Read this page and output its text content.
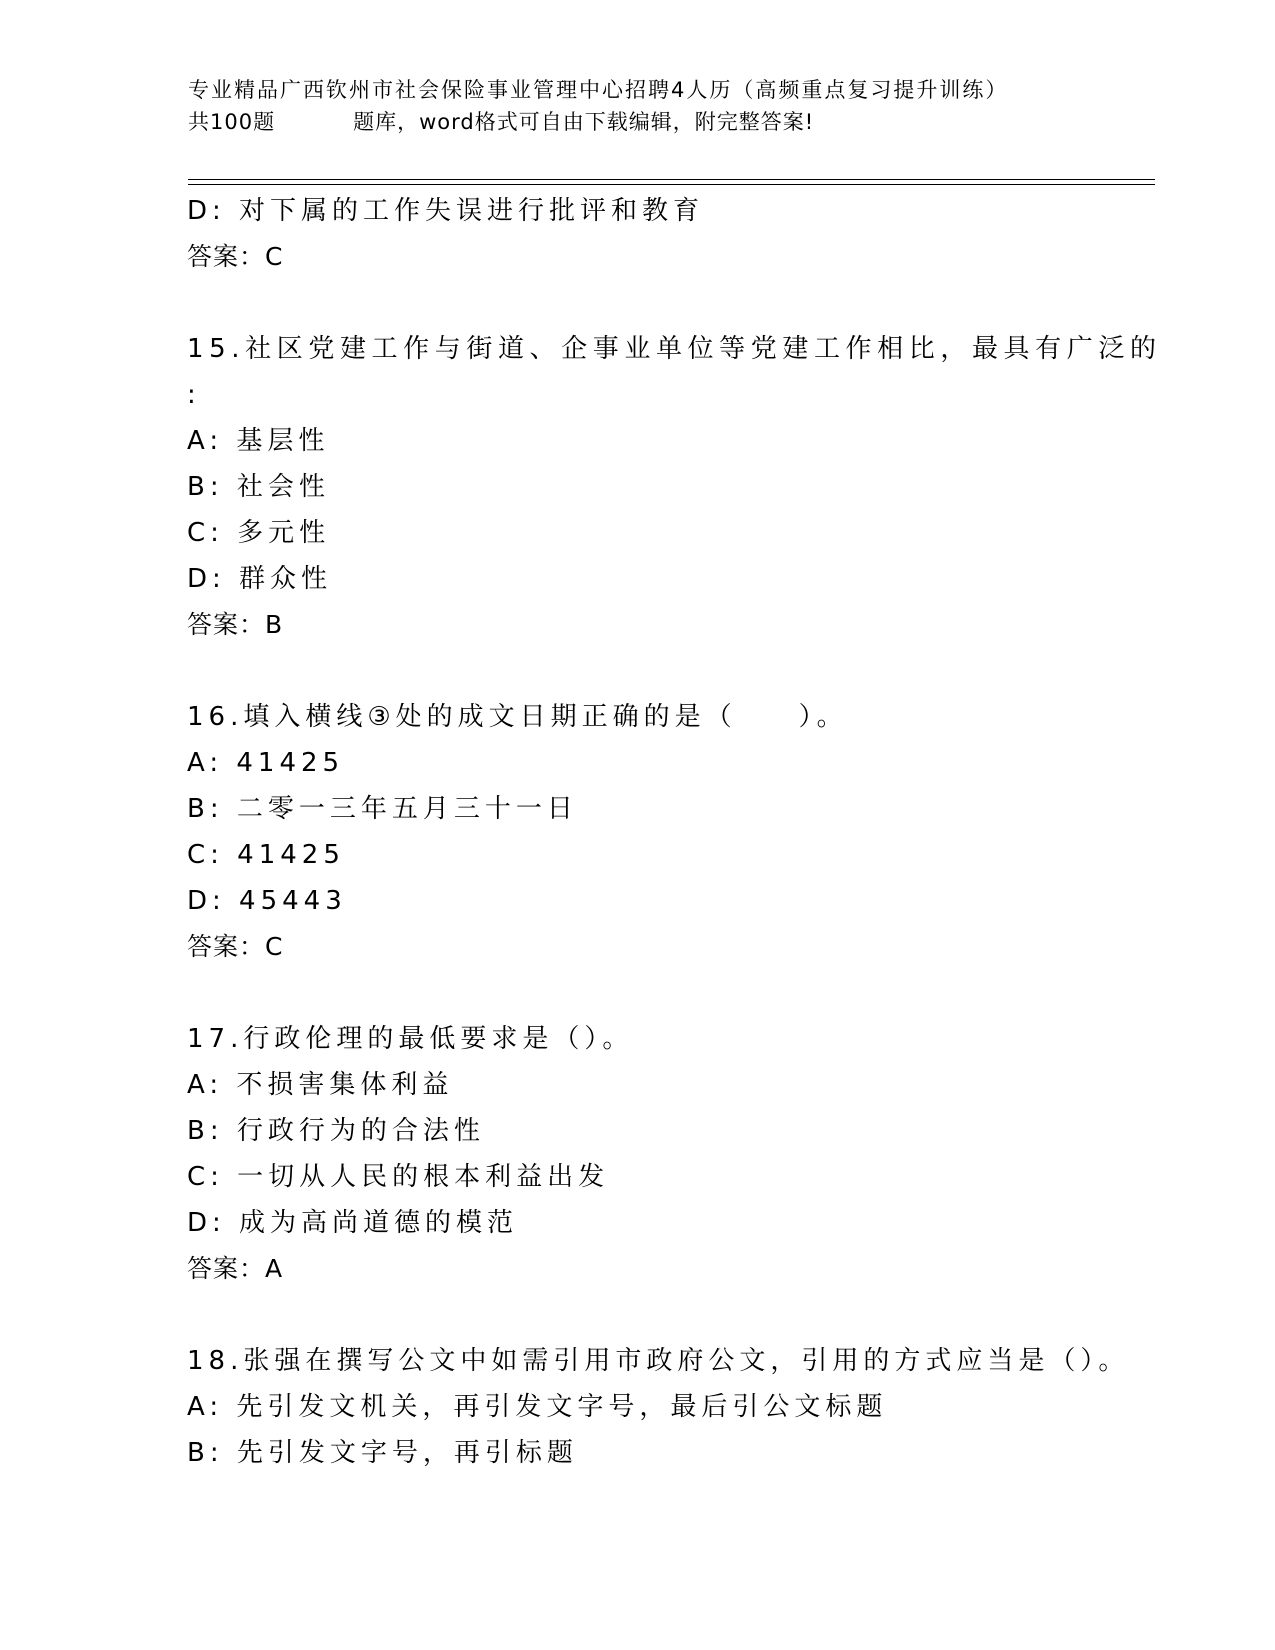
专业精品广西钦州市社会保险事业管理中心招聘4人历（高频重点复习提升训练）
共100题	题库，word格式可自由下载编辑，附完整答案!
D: 对下属的工作失误进行批评和教育
答案：C
15.社区党建工作与街道、企事业单位等党建工作相比，最具有广泛的
:
A: 基层性
B: 社会性
C: 多元性
D: 群众性
答案：B
16.填入横线③处的成文日期正确的是（　　）。
A: 41425
B: 二零一三年五月三十一日
C: 41425
D: 45443
答案：C
17.行政伦理的最低要求是（）。
A: 不损害集体利益
B: 行政行为的合法性
C: 一切从人民的根本利益出发
D: 成为高尚道德的模范
答案：A
18.张强在撰写公文中如需引用市政府公文，引用的方式应当是（）。
A: 先引发文机关，再引发文字号，最后引公文标题
B: 先引发文字号，再引标题
